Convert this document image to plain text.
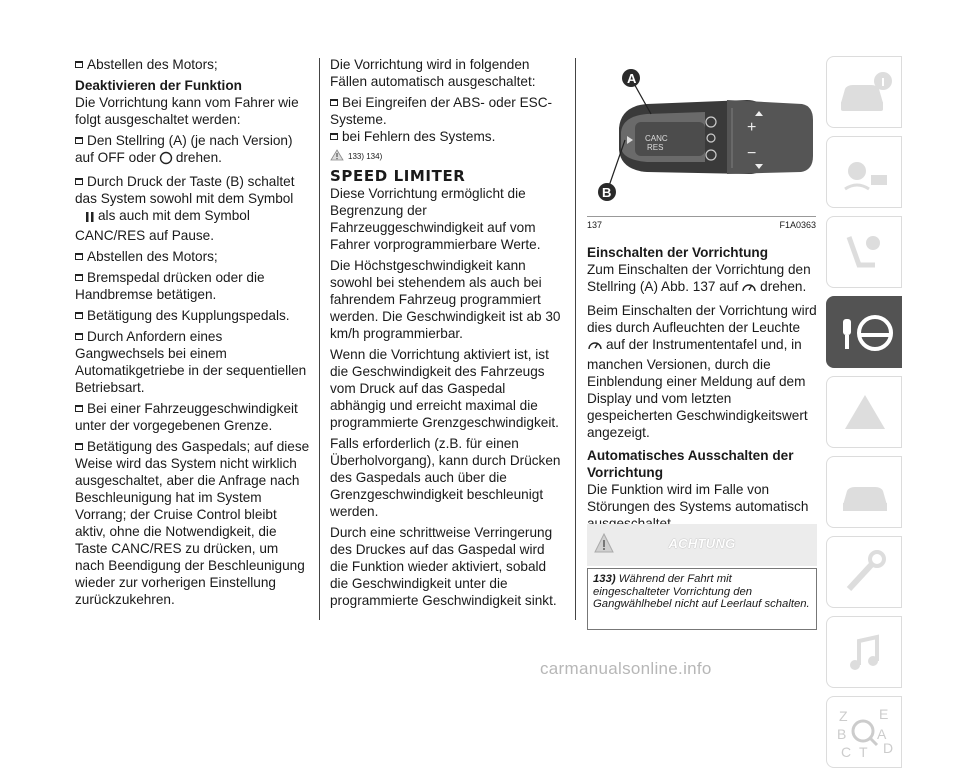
Abstellen des Motors;

Deaktivieren der Funktion

Die Vorrichtung kann vom Fahrer wie folgt ausgeschaltet werden:

Den Stellring (A) (je nach Version) auf OFF oder drehen.

Durch Druck der Taste (B) schaltet das System sowohl mit dem Symbol
als auch mit dem Symbol CANC/RES auf Pause.

Abstellen des Motors;

Bremspedal drücken oder die Handbremse betätigen.

Betätigung des Kupplungspedals.

Durch Anfordern eines Gangwechsels bei einem Automatikgetriebe in der sequentiellen Betriebsart.

Bei einer Fahrzeuggeschwindigkeit unter der vorgegebenen Grenze.

Betätigung des Gaspedals; auf diese Weise wird das System nicht wirklich ausgeschaltet, aber die Anfrage nach Beschleunigung hat im System Vorrang; der Cruise Control bleibt aktiv, ohne die Notwendigkeit, die Taste CANC/RES zu drücken, um nach Beendigung der Beschleunigung wieder zur vorherigen Einstellung zurückzukehren.

Die Vorrichtung wird in folgenden Fällen automatisch ausgeschaltet:

Bei Eingreifen der ABS- oder ESC-Systeme.

bei Fehlern des Systems.

133) 134)
SPEED LIMITER

Diese Vorrichtung ermöglicht die Begrenzung der Fahrzeuggeschwindigkeit auf vom Fahrer vorprogrammierbare Werte.

Die Höchstgeschwindigkeit kann sowohl bei stehendem als auch bei fahrendem Fahrzeug programmiert werden. Die Geschwindigkeit ist ab 30 km/h programmierbar.

Wenn die Vorrichtung aktiviert ist, ist die Geschwindigkeit des Fahrzeugs vom Druck auf das Gaspedal abhängig und erreicht maximal die programmierte Grenzgeschwindigkeit.

Falls erforderlich (z.B. für einen Überholvorgang), kann durch Drücken des Gaspedals auch über die Grenzgeschwindigkeit beschleunigt werden.

Durch eine schrittweise Verringerung des Druckes auf das Gaspedal wird die Funktion wieder aktiviert, sobald die Geschwindigkeit unter die programmierte Geschwindigkeit sinkt.

CANC
RES
+
−
A
B
137	F1A0363
Einschalten der Vorrichtung

Zum Einschalten der Vorrichtung den Stellring (A) Abb. 137 auf drehen.

Beim Einschalten der Vorrichtung wird dies durch Aufleuchten der Leuchte
auf der Instrumententafel und, in manchen Versionen, durch die Einblendung einer Meldung auf dem Display und vom letzten gespeicherten Geschwindigkeitswert angezeigt.

Automatisches Ausschalten der Vorrichtung

Die Funktion wird im Falle von Störungen des Systems automatisch

ACHTUNG
133) Während der Fahrt mit eingeschalteter Vorrichtung den Gangwählhebel nicht auf Leerlauf schalten.
carmanualsonline.info
Z E
B A
D
C T
